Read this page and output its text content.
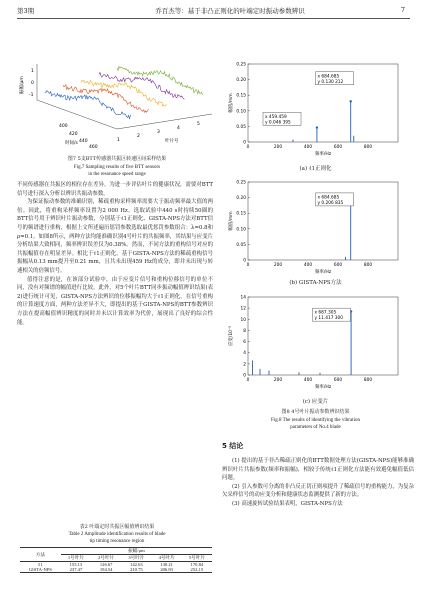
第3期	乔百杰等：基于非凸正则化的叶端定时振动参数辨识	7
振幅/μm
1
0
-1
400
420
440
460
时间/s
1
2
3
4
5
叶片号
图7 5支BTT传感器共振区转速区间采样结果
Fig.7 Sampling results of five BTT sensors
in the resonance speed range

不同传感器在共振区的相位存在差异。为进一步评估叶片的健康状况，需要对BTT信号进行深入分析以辨识共振动参数。

为保证振动参数的准确识别，稀疏重构采样频率需要大于振动频率最大值的两倍。因此，将重构采样频率设置为2 000 Hz。选取试验中440 s时持续50圈的BTT信号用于辨识叶片振动参数，分别基于ℓ1正则化、GISTA-NPS方法对BTT信号的频谱进行重构，根据上文所述遍历惩罚参数选取最优惩罚参数组合：λ=0.8和ρ=0.1。如图8所示，两种方法均能准确识别4号叶片的共振频率，其结果与应变片分析结果大致相同，频率辨识误差仅为0.38%。然而，不同方法的重构信号对应的共振幅值存在明显差异。相比于ℓ1正则化，基于GISTA-NPS方法的稀疏重构信号振幅从0.13 mm提升至0.21 mm，且共未出现459 Hz的成分，即并未出现与转速相关的倍频信号。

值得注意的是，在该部分试验中，由于应变片信号和重构位移信号的单位不同，没有对频谱的幅值进行比较。此外，对5个叶片BTT同步振动幅值辨识结果(表2)进行统计可见，GISTA-NPS方法辨识的位移振幅均大于ℓ1正则化。在信号重构的计算速度方面，两种方法差异不大，即提出的基于GISTA-NPS的BTT参数辨识方法在提高幅值辨识精度的同时并未以计算效率为代价，展现出了良好的综合性能。

表2 叶端定时共振区幅值辨识结果
Table 2 Amplitude identification results of blade
tip timing resonance region
方法	振幅/μm				
	1号叶片	2号叶片	3号叶片	4号叶片	5号叶片
ℓ1	155.13	126.67	142.63	130.21	170.84
GISTA-NPS	237.47	194.54	210.75	206.83	252.15
0.25
0.20
0.15
0.10
0.05
0
0	200	400	600	800
频率/Hz
幅值/mm
x 684.685
y 0.130 212
x 459.459
y 0.046 395
(a) ℓ1正则化
0.25
0.20
0.15
0.10
0.05
0
0	200	400	600	800
频率/Hz
幅值/mm
x 684.685
y 0.206 835
(b) GISTA-NPS方法
14
12
10
8
6
4
2
0
0	200	400	600	800
频率/Hz
应变/10⁻⁶
x 687.305
y 11.417 300
(c) 应变片
图8 4号叶片振动参数辨识结果
Fig.8 The results of identifying the vibration
parameters of No.4 blade
5 结论

(1) 提出的基于非凸稀疏正则化的BTT数据处理方法(GISTA-NPS)能够准确辨识叶片共振参数(频率和振幅)，相较于传统ℓ1正则化方法能有效避免幅值低估问题。

(2) 引入参数可分离的非凸反正切正则项提升了稀疏信号的重构能力，为复杂欠采样信号的动应变分析和健康状态监测提供了新的方法。

(3) 高速旋转试验结果表明，GISTA-NPS方法
